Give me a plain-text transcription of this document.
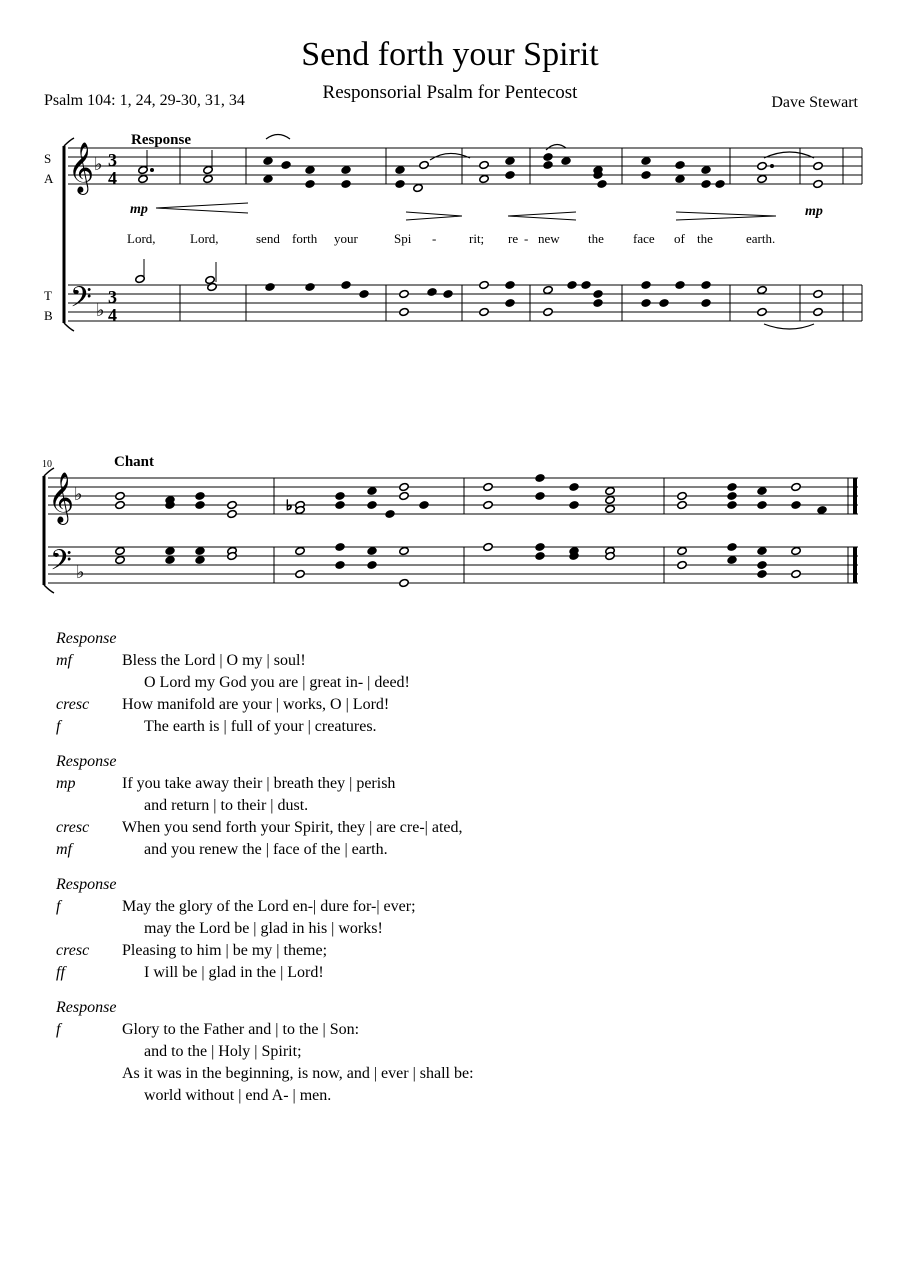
Send forth your Spirit
Responsorial Psalm for Pentecost
Psalm 104: 1, 24, 29-30, 31, 34	Dave Stewart
𝄞
𝄢
♭
♭
3
4
3
4
S
A
T
B
Response
mp	mp
Lord,	Lord,	send forth your	Spi -	rit; re - new the face of the	earth.
10	Chant
𝄞
𝄢
♭
♭
♭
Response
mf	Bless the Lord | O my | soul!
O Lord my God you are | great in- | deed!
cresc How manifold are your | works, O | Lord!
f	The earth is | full of your | creatures.
Response
mp	If you take away their | breath they | perish
and return | to their | dust.
cresc When you send forth your Spirit, they | are cre-| ated,
mf	and you renew the | face of the | earth.
Response
f	May the glory of the Lord en-| dure for-| ever;
may the Lord be | glad in his | works!
cresc Pleasing to him | be my | theme;
ff	I will be | glad in the | Lord!
Response
f	Glory to the Father and | to the | Son:
and to the | Holy | Spirit;
As it was in the beginning, is now, and | ever | shall be:
world without | end A- | men.
